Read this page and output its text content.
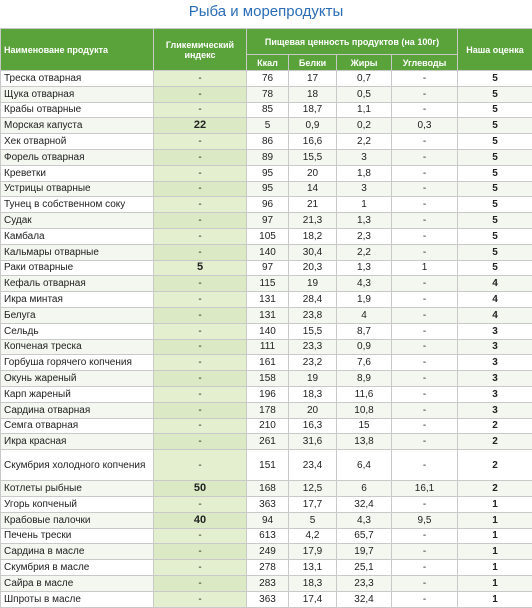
Рыба и морепродукты
Наименоване продукта	Гликемический индекс	Пищевая ценность продуктов (на 100г)				Наша оценка
		Ккал	Белки	Жиры	Углеводы	
Треска отварная	-	76	17	0,7	-	5
Щука отварная	-	78	18	0,5	-	5
Крабы отварные	-	85	18,7	1,1	-	5
Морская капуста	22	5	0,9	0,2	0,3	5
Хек отварной	-	86	16,6	2,2	-	5
Форель отварная	-	89	15,5	3	-	5
Креветки	-	95	20	1,8	-	5
Устрицы отварные	-	95	14	3	-	5
Тунец в собственном соку	-	96	21	1	-	5
Судак	-	97	21,3	1,3	-	5
Камбала	-	105	18,2	2,3	-	5
Кальмары отварные	-	140	30,4	2,2	-	5
Раки отварные	5	97	20,3	1,3	1	5
Кефаль отварная	-	115	19	4,3	-	4
Икра минтая	-	131	28,4	1,9	-	4
Белуга	-	131	23,8	4	-	4
Сельдь	-	140	15,5	8,7	-	3
Копченая треска	-	111	23,3	0,9	-	3
Горбуша горячего копчения	-	161	23,2	7,6	-	3
Окунь жареный	-	158	19	8,9	-	3
Карп жареный	-	196	18,3	11,6	-	3
Сардина отварная	-	178	20	10,8	-	3
Семга отварная	-	210	16,3	15	-	2
Икра красная	-	261	31,6	13,8	-	2
Скумбрия холодного копчения	-	151	23,4	6,4	-	2
Котлеты рыбные	50	168	12,5	6	16,1	2
Угорь копченый	-	363	17,7	32,4	-	1
Крабовые палочки	40	94	5	4,3	9,5	1
Печень трески	-	613	4,2	65,7	-	1
Сардина в масле	-	249	17,9	19,7	-	1
Скумбрия в масле	-	278	13,1	25,1	-	1
Сайра в масле	-	283	18,3	23,3	-	1
Шпроты в масле	-	363	17,4	32,4	-	1
